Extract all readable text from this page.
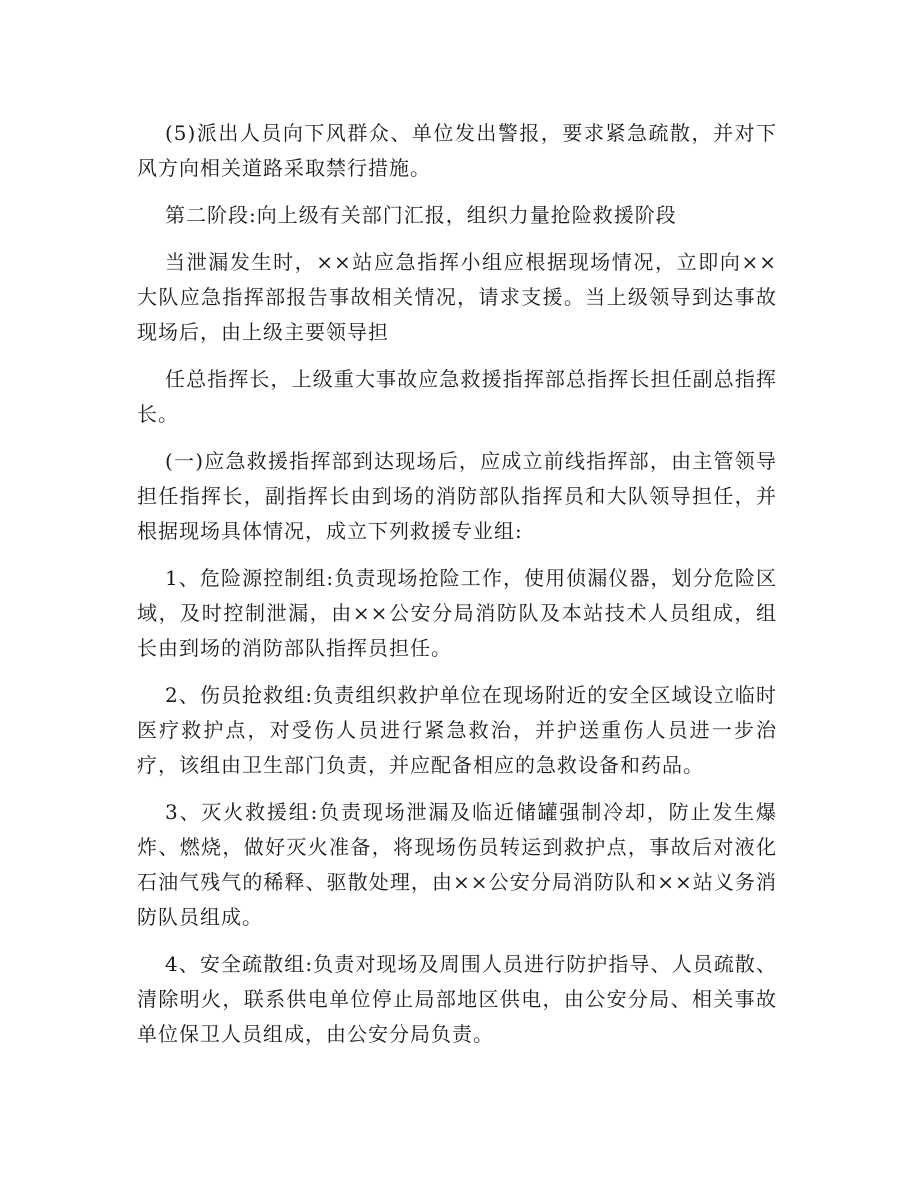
(5)派出人员向下风群众、单位发出警报，要求紧急疏散，并对下风方向相关道路采取禁行措施。

第二阶段:向上级有关部门汇报，组织力量抢险救援阶段

当泄漏发生时，××站应急指挥小组应根据现场情况，立即向××大队应急指挥部报告事故相关情况，请求支援。当上级领导到达事故现场后，由上级主要领导担

任总指挥长，上级重大事故应急救援指挥部总指挥长担任副总指挥长。

(一)应急救援指挥部到达现场后，应成立前线指挥部，由主管领导担任指挥长，副指挥长由到场的消防部队指挥员和大队领导担任，并根据现场具体情况，成立下列救援专业组:

1、危险源控制组:负责现场抢险工作，使用侦漏仪器，划分危险区域，及时控制泄漏，由××公安分局消防队及本站技术人员组成，组长由到场的消防部队指挥员担任。

2、伤员抢救组:负责组织救护单位在现场附近的安全区域设立临时医疗救护点，对受伤人员进行紧急救治，并护送重伤人员进一步治疗，该组由卫生部门负责，并应配备相应的急救设备和药品。

3、灭火救援组:负责现场泄漏及临近储罐强制冷却，防止发生爆炸、燃烧，做好灭火准备，将现场伤员转运到救护点，事故后对液化石油气残气的稀释、驱散处理，由××公安分局消防队和××站义务消防队员组成。

4、安全疏散组:负责对现场及周围人员进行防护指导、人员疏散、清除明火，联系供电单位停止局部地区供电，由公安分局、相关事故单位保卫人员组成，由公安分局负责。
